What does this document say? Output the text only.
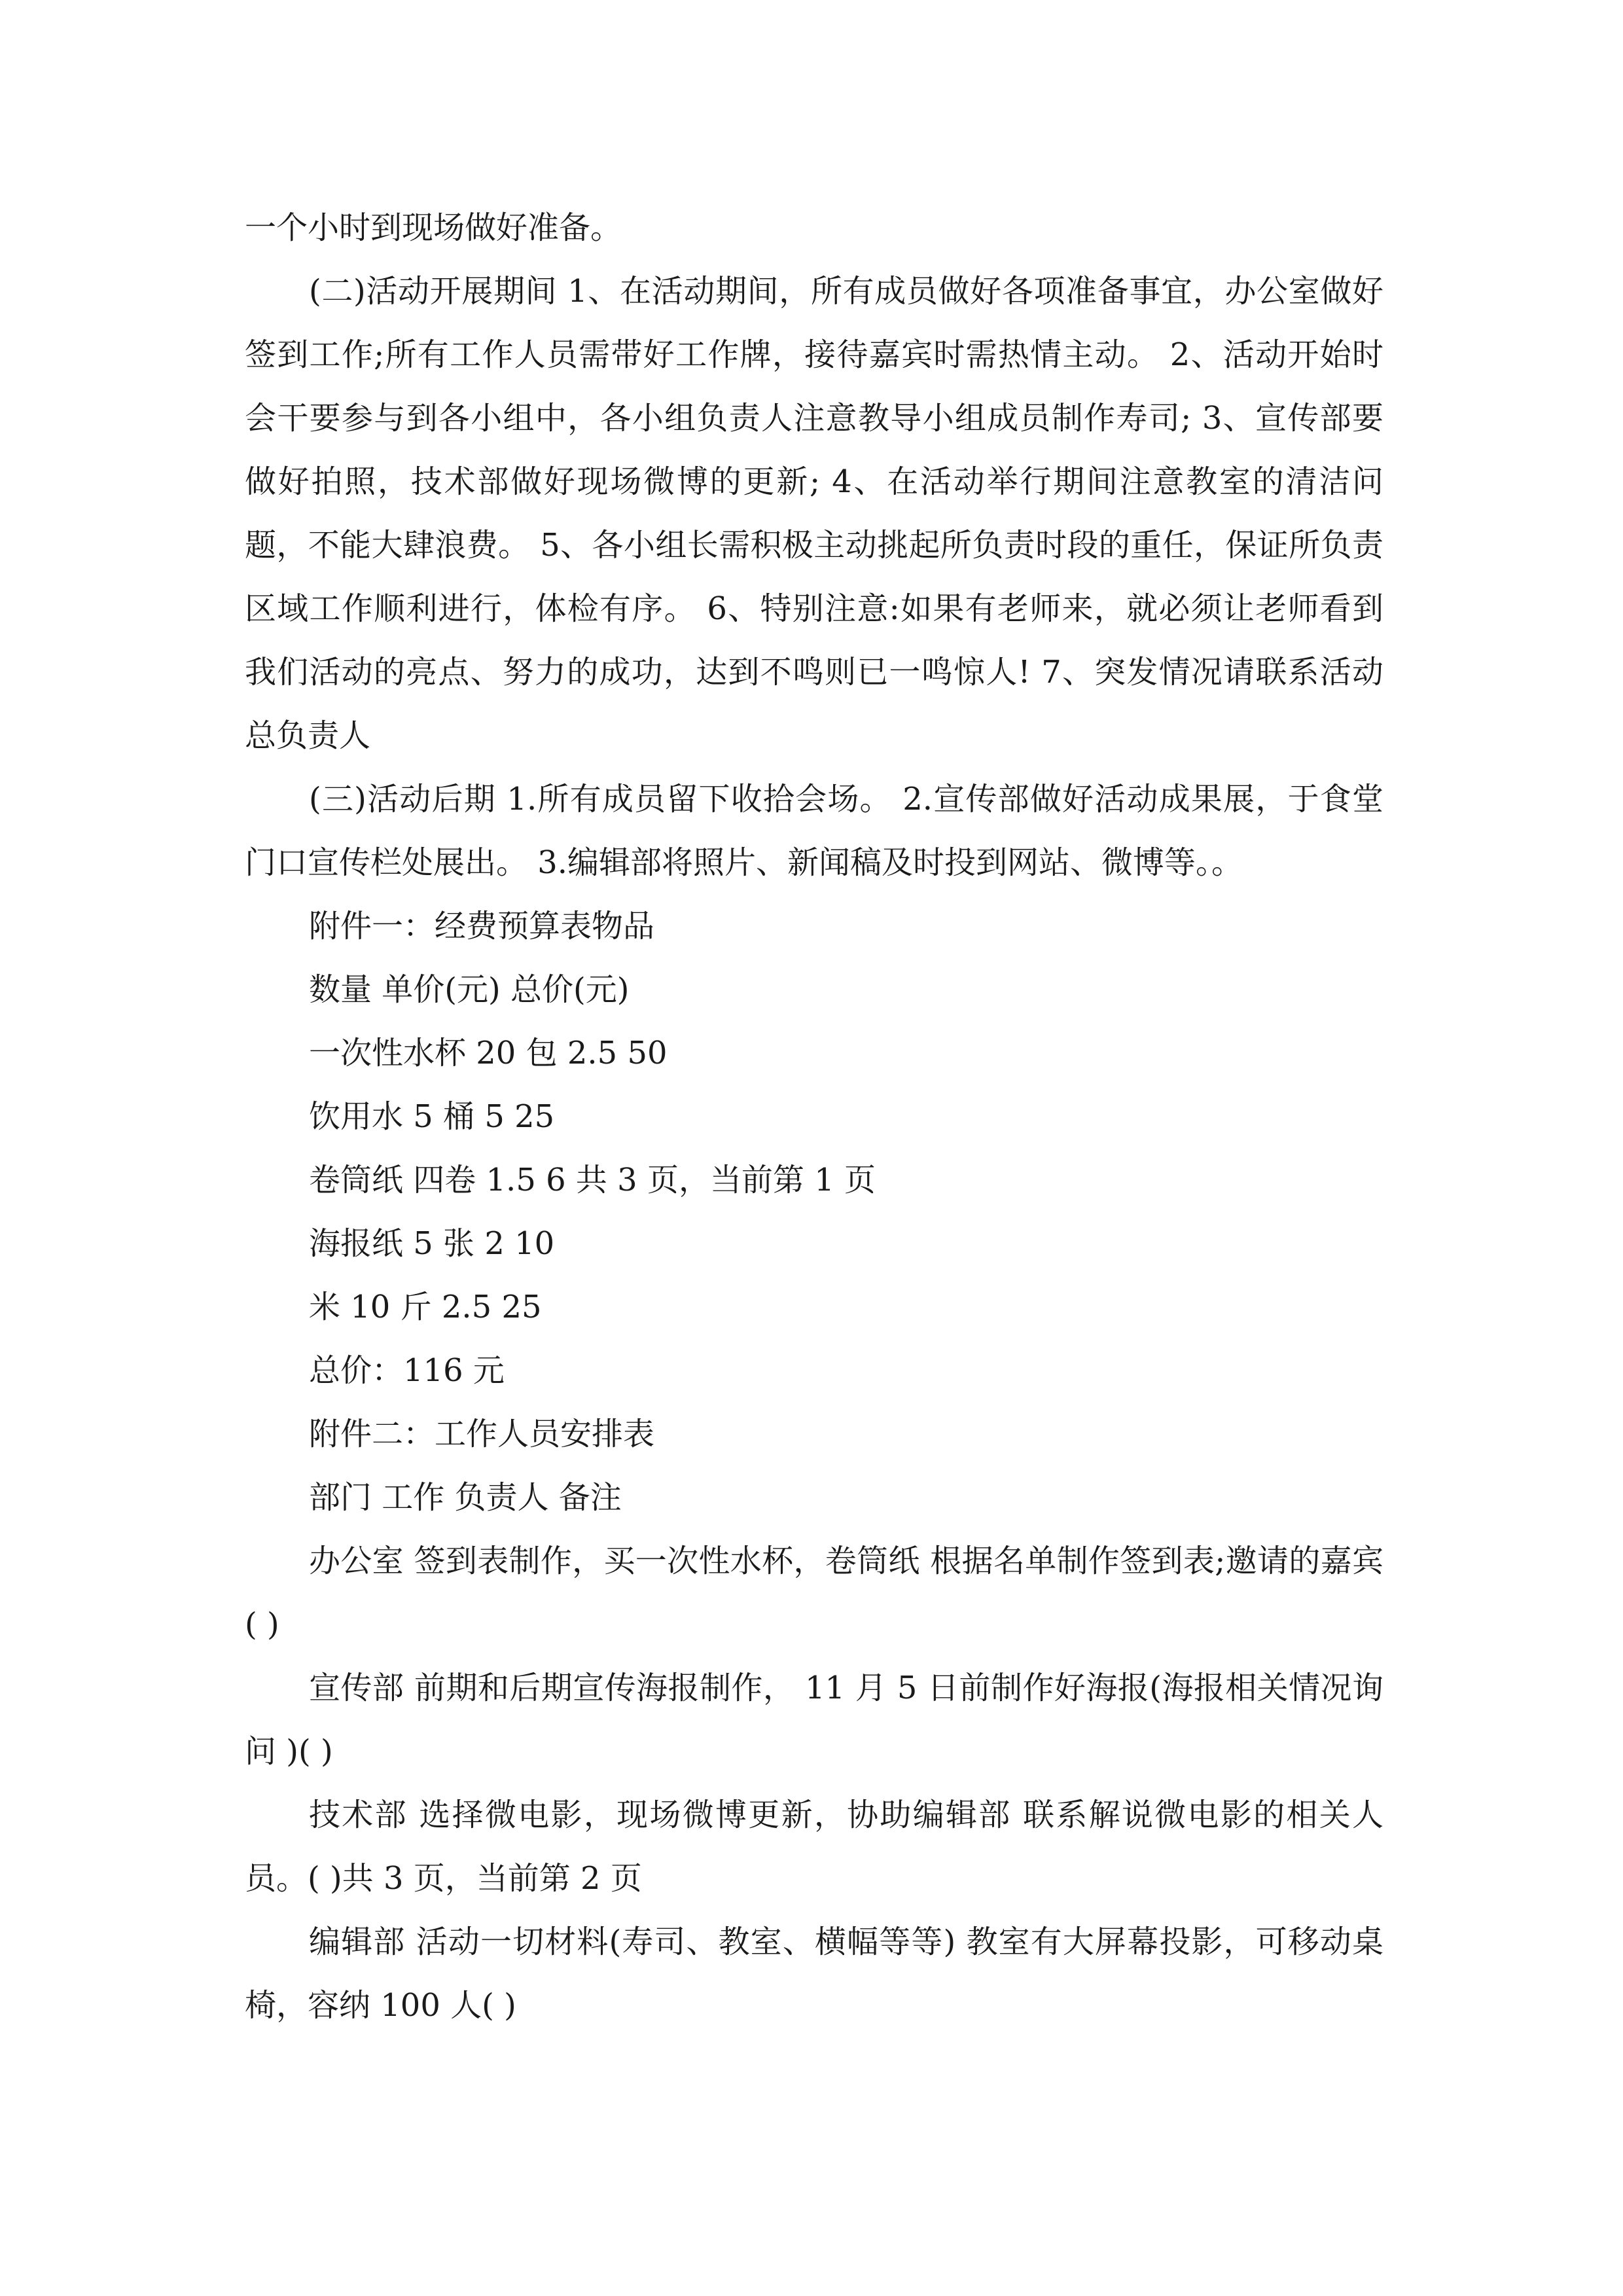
一个小时到现场做好准备。

(二)活动开展期间 1、在活动期间，所有成员做好各项准备事宜，办公室做好签到工作;所有工作人员需带好工作牌，接待嘉宾时需热情主动。 2、活动开始时会干要参与到各小组中，各小组负责人注意教导小组成员制作寿司; 3、宣传部要做好拍照，技术部做好现场微博的更新; 4、在活动举行期间注意教室的清洁问题，不能大肆浪费。 5、各小组长需积极主动挑起所负责时段的重任，保证所负责区域工作顺利进行，体检有序。 6、特别注意:如果有老师来，就必须让老师看到我们活动的亮点、努力的成功，达到不鸣则已一鸣惊人! 7、突发情况请联系活动总负责人

(三)活动后期 1.所有成员留下收拾会场。 2.宣传部做好活动成果展，于食堂门口宣传栏处展出。 3.编辑部将照片、新闻稿及时投到网站、微博等。。

附件一：经费预算表物品

数量 单价(元) 总价(元)

一次性水杯 20 包 2.5 50

饮用水 5 桶 5 25

卷筒纸 四卷 1.5 6 共 3 页，当前第 1 页

海报纸 5 张 2 10

米 10 斤 2.5 25

总价：116 元

附件二：工作人员安排表

部门 工作 负责人 备注

办公室 签到表制作，买一次性水杯，卷筒纸 根据名单制作签到表;邀请的嘉宾( )

宣传部 前期和后期宣传海报制作， 11 月 5 日前制作好海报(海报相关情况询问 )( )

技术部 选择微电影，现场微博更新，协助编辑部 联系解说微电影的相关人员。( )共 3 页，当前第 2 页

编辑部 活动一切材料(寿司、教室、横幅等等) 教室有大屏幕投影，可移动桌椅，容纳 100 人( )
